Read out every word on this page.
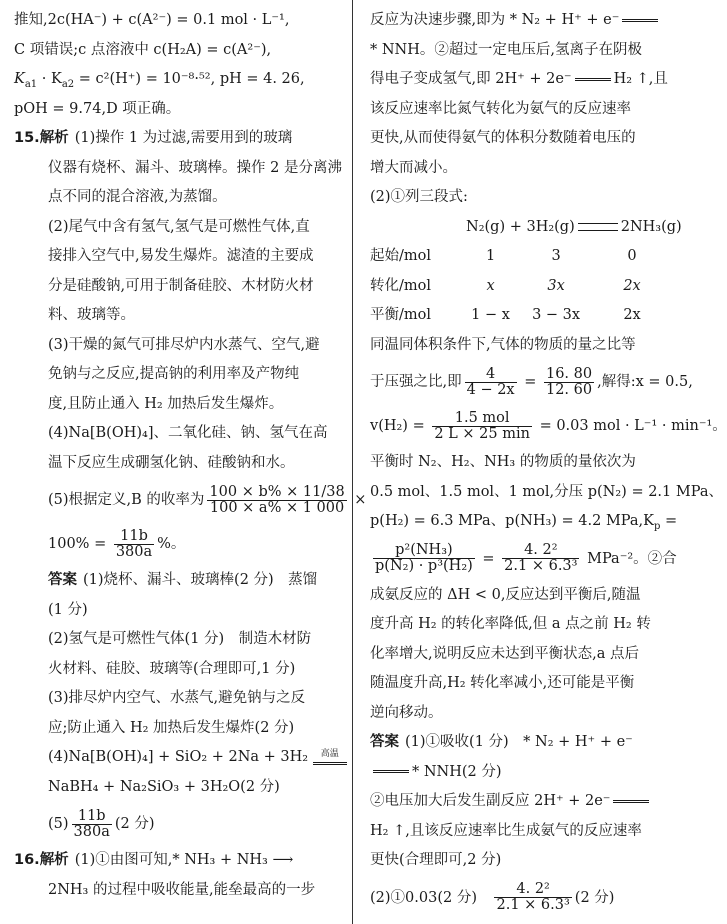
推知,2c(HA⁻) + c(A²⁻) = 0.1 mol · L⁻¹,
C 项错误;c 点溶液中 c(H₂A) = c(A²⁻),
$K_{a1} \cdot K_{a2} = c^2(H^+) = 10^{-8}\cdot^{52}$, pH = 4. 26,
pOH = 9.74,D 项正确。
15.解析 (1)操作 1 为过滤,需要用到的玻璃
仪器有烧杯、漏斗、玻璃棒。操作 2 是分离沸
点不同的混合溶液,为蒸馏。
(2)尾气中含有氢气,氢气是可燃性气体,直
接排入空气中,易发生爆炸。滤渣的主要成
分是硅酸钠,可用于制备硅胶、木材防火材
料、玻璃等。
(3)干燥的氮气可排尽炉内水蒸气、空气,避
免钠与之反应,提高钠的利用率及产物纯
度,且防止通入 H₂ 加热后发生爆炸。
(4)Na[B(OH)₄]、二氧化硅、钠、氢气在高
温下反应生成硼氢化钠、硅酸钠和水。
(5)根据定义,B 的收率为 $\frac{100 \times b\% \times 11/38}{100 \times a\% \times 1 000}$ ×
$100\% = \frac{11b}{380a}$ %。
答案 (1)烧杯、漏斗、玻璃棒(2 分)　蒸馏
(1 分)
(2)氢气是可燃性气体(1 分)　制造木材防
火材料、硅胶、玻璃等(合理即可,1 分)
(3)排尽炉内空气、水蒸气,避免钠与之反
应;防止通入 H₂ 加热后发生爆炸(2 分)
(4)Na[B(OH)₄] + SiO₂ + 2Na + 3H₂ 高温
NaBH₄ + Na₂SiO₃ + 3H₂O(2 分)
$(5) \frac{11b}{380a} (2$ 分)
16.解析 (1)①由图可知,* NH₃ + NH₃ ⟶
2NH₃ 的过程中吸收能量,能垒最高的一步
反应为决速步骤,即为 * N₂ + H⁺ + e⁻
* NNH。②超过一定电压后,氢离子在阴极
得电子变成氢气,即 2H⁺ + 2e⁻	H₂ ↑,且
该反应速率比氮气转化为氨气的反应速率
更快,从而使得氨气的体积分数随着电压的
增大而减小。
(2)①列三段式:
N₂(g) + 3H₂(g)	2NH₃(g)
起始/mol	1	3	0
转化/mol	x	3x	2x
平衡/mol	1 − x	3 − 3x	2x
同温同体积条件下,气体的物质的量之比等
于压强之比,即 $\frac{4}{4 - 2x} = \frac{16. 80}{12. 60}$ ,解得:x = 0.5,
$v(H_2) = \frac{\text{1.5 mol}}{2 L \times 25 \min} = 0.03$ mol · L⁻¹ · min⁻¹。
平衡时 N₂、H₂、NH₃ 的物质的量依次为
0.5 mol、1.5 mol、1 mol,分压 p(N₂) = 2.1 MPa、
p(H₂) = 6.3 MPa、p(NH₃) = 4.2 $MPa,K_p$ =
$\frac{\text{p²(NH₃)}}{\text{p(N₂) · p³(H₂)}} = \frac{\text{4. 2²}}{\text{2.1 × 6.3³}} MPa^{-2}$。②合
成氨反应的 ΔH < 0,反应达到平衡后,随温
度升高 H₂ 的转化率降低,但 a 点之前 H₂ 转
化率增大,说明反应未达到平衡状态,a 点后
随温度升高,H₂ 转化率减小,还可能是平衡
逆向移动。
答案 (1)①吸收(1 分)　* N₂ + H⁺ + e⁻
* NNH(2 分)
②电压加大后发生副反应 2H⁺ + 2e⁻
H₂ ↑,且该反应速率比生成氨气的反应速率
更快(合理即可,2 分)
(2)①0.03(2 分)　 $\frac{\text{4. 2²}}{\text{2.1 × 6.3³}} (2$ 分)
